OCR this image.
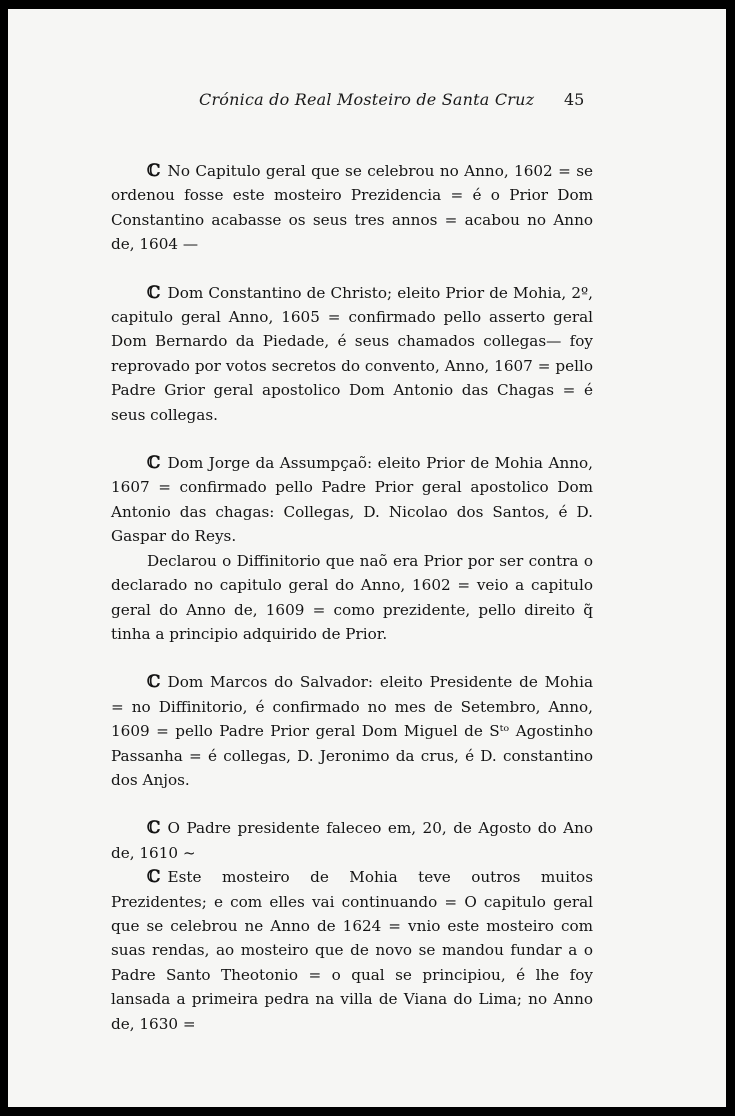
Crónica do Real Mosteiro de Santa Cruz 45

ℂ No Capitulo geral que se celebrou no Anno, 1602 = se ordenou fosse este mosteiro Prezidencia = é o Prior Dom Constantino acabasse os seus tres annos = acabou no Anno de, 1604 —

ℂ Dom Constantino de Christo; eleito Prior de Mohia, 2º, capitulo geral Anno, 1605 = confirmado pello asserto geral Dom Bernardo da Piedade, é seus chamados collegas— foy reprovado por votos secretos do convento, Anno, 1607 = pello Padre Grior geral apostolico Dom Antonio das Chagas = é seus collegas.

ℂ Dom Jorge da Assumpçaõ: eleito Prior de Mohia Anno, 1607 = confirmado pello Padre Prior geral apostolico Dom Antonio das chagas: Collegas, D. Nicolao dos Santos, é D. Gaspar do Reys.

Declarou o Diffinitorio que naõ era Prior por ser contra o declarado no capitulo geral do Anno, 1602 = veio a capitulo geral do Anno de, 1609 = como prezidente, pello direito q̃ tinha a principio adquirido de Prior.

ℂ Dom Marcos do Salvador: eleito Presidente de Mohia = no Diffinitorio, é confirmado no mes de Setembro, Anno, 1609 = pello Padre Prior geral Dom Miguel de Sᵗᵒ Agostinho Passanha = é collegas, D. Jeronimo da crus, é D. constantino dos Anjos.

ℂ O Padre presidente faleceo em, 20, de Agosto do Ano de, 1610 ~

ℂ Este mosteiro de Mohia teve outros muitos Prezidentes; e com elles vai continuando = O capitulo geral que se celebrou ne Anno de 1624 = vnio este mosteiro com suas rendas, ao mosteiro que de novo se mandou fundar a o Padre Santo Theotonio = o qual se principiou, é lhe foy lansada a primeira pedra na villa de Viana do Lima; no Anno de, 1630 =
